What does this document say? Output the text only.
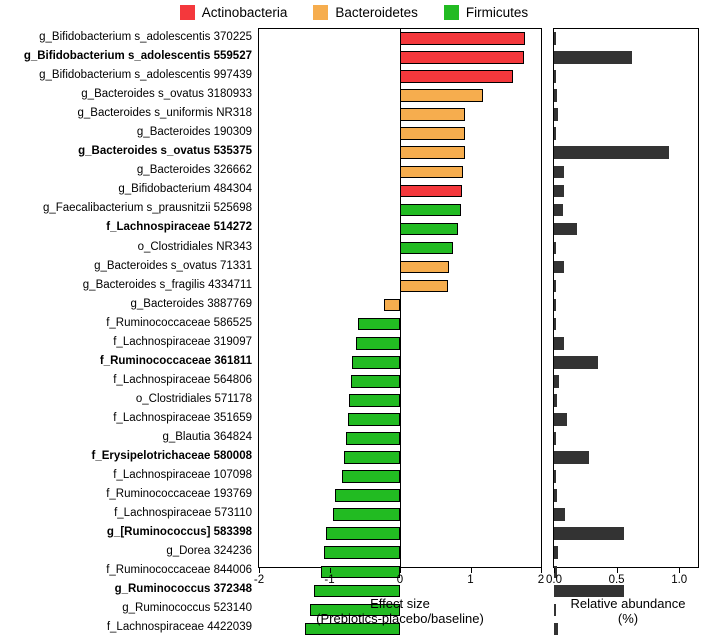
Actinobacteria	Bacteroidetes	Firmicutes
g_Bifidobacterium s_adolescentis 370225
g_Bifidobacterium s_adolescentis 559527
g_Bifidobacterium s_adolescentis 997439
g_Bacteroides s_ovatus 3180933
g_Bacteroides s_uniformis NR318
g_Bacteroides 190309
g_Bacteroides s_ovatus 535375
g_Bacteroides 326662
g_Bifidobacterium 484304
g_Faecalibacterium s_prausnitzii 525698
f_Lachnospiraceae 514272
o_Clostridiales NR343
g_Bacteroides s_ovatus 71331
g_Bacteroides s_fragilis 4334711
g_Bacteroides 3887769
f_Ruminococcaceae 586525
f_Lachnospiraceae 319097
f_Ruminococcaceae 361811
f_Lachnospiraceae 564806
o_Clostridiales 571178
f_Lachnospiraceae 351659
g_Blautia 364824
f_Erysipelotrichaceae 580008
f_Lachnospiraceae 107098
f_Ruminococcaceae 193769
f_Lachnospiraceae 573110
g_[Ruminococcus] 583398
g_Dorea 324236
f_Ruminococcaceae 844006
g_Ruminococcus 372348
g_Ruminococcus 523140
f_Lachnospiraceae 4422039
-2	-1	0	1	2 0.0	0.5	1.0
Effect size
(Prebiotics-placebo/baseline)
Relative abundance
(%)
